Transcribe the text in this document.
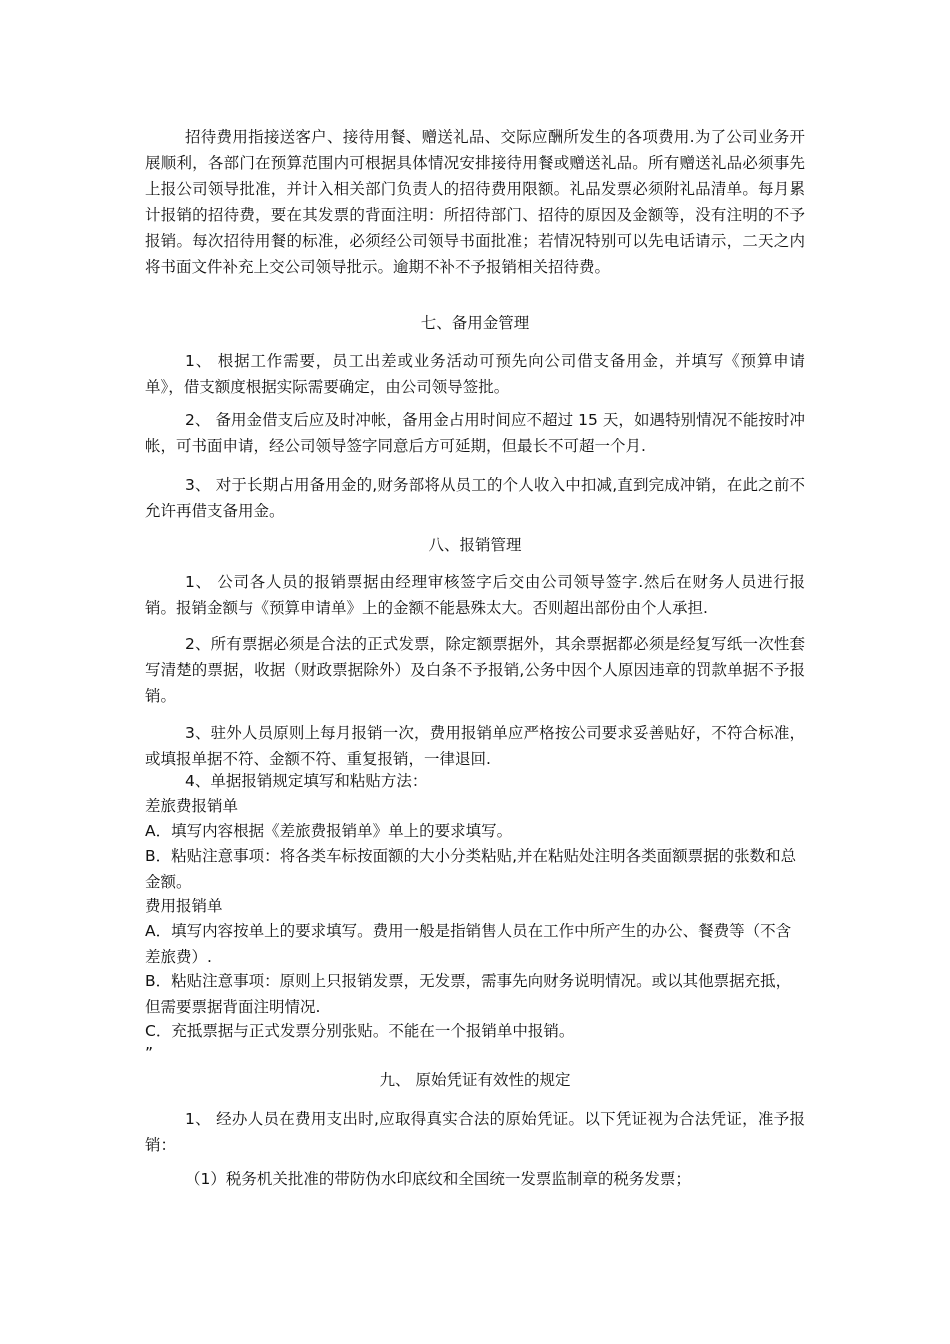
招待费用指接送客户、接待用餐、赠送礼品、交际应酬所发生的各项费用.为了公司业务开展顺利，各部门在预算范围内可根据具体情况安排接待用餐或赠送礼品。所有赠送礼品必须事先上报公司领导批准，并计入相关部门负责人的招待费用限额。礼品发票必须附礼品清单。每月累计报销的招待费，要在其发票的背面注明：所招待部门、招待的原因及金额等，没有注明的不予报销。每次招待用餐的标准，必须经公司领导书面批准；若情况特别可以先电话请示，二天之内将书面文件补充上交公司领导批示。逾期不补不予报销相关招待费。

七、备用金管理

1、 根据工作需要，员工出差或业务活动可预先向公司借支备用金，并填写《预算申请单》，借支额度根据实际需要确定，由公司领导签批。

2、 备用金借支后应及时冲帐，备用金占用时间应不超过 15 天，如遇特别情况不能按时冲帐，可书面申请，经公司领导签字同意后方可延期，但最长不可超一个月.

3、 对于长期占用备用金的,财务部将从员工的个人收入中扣减,直到完成冲销，在此之前不允许再借支备用金。

八、报销管理

1、 公司各人员的报销票据由经理审核签字后交由公司领导签字.然后在财务人员进行报销。报销金额与《预算申请单》上的金额不能悬殊太大。否则超出部份由个人承担.

2、所有票据必须是合法的正式发票，除定额票据外，其余票据都必须是经复写纸一次性套写清楚的票据，收据（财政票据除外）及白条不予报销,公务中因个人原因违章的罚款单据不予报销。

3、驻外人员原则上每月报销一次，费用报销单应严格按公司要求妥善贴好，不符合标准，或填报单据不符、金额不符、重复报销，一律退回.

4、单据报销规定填写和粘贴方法：

差旅费报销单

A．填写内容根据《差旅费报销单》单上的要求填写。

B．粘贴注意事项：将各类车标按面额的大小分类粘贴,并在粘贴处注明各类面额票据的张数和总金额。

费用报销单

A．填写内容按单上的要求填写。费用一般是指销售人员在工作中所产生的办公、餐费等（不含差旅费）.

B．粘贴注意事项：原则上只报销发票，无发票，需事先向财务说明情况。或以其他票据充抵，但需要票据背面注明情况.

C．充抵票据与正式发票分别张贴。不能在一个报销单中报销。

”

九、 原始凭证有效性的规定

1、 经办人员在费用支出时,应取得真实合法的原始凭证。以下凭证视为合法凭证，准予报销：

（1）税务机关批准的带防伪水印底纹和全国统一发票监制章的税务发票；
